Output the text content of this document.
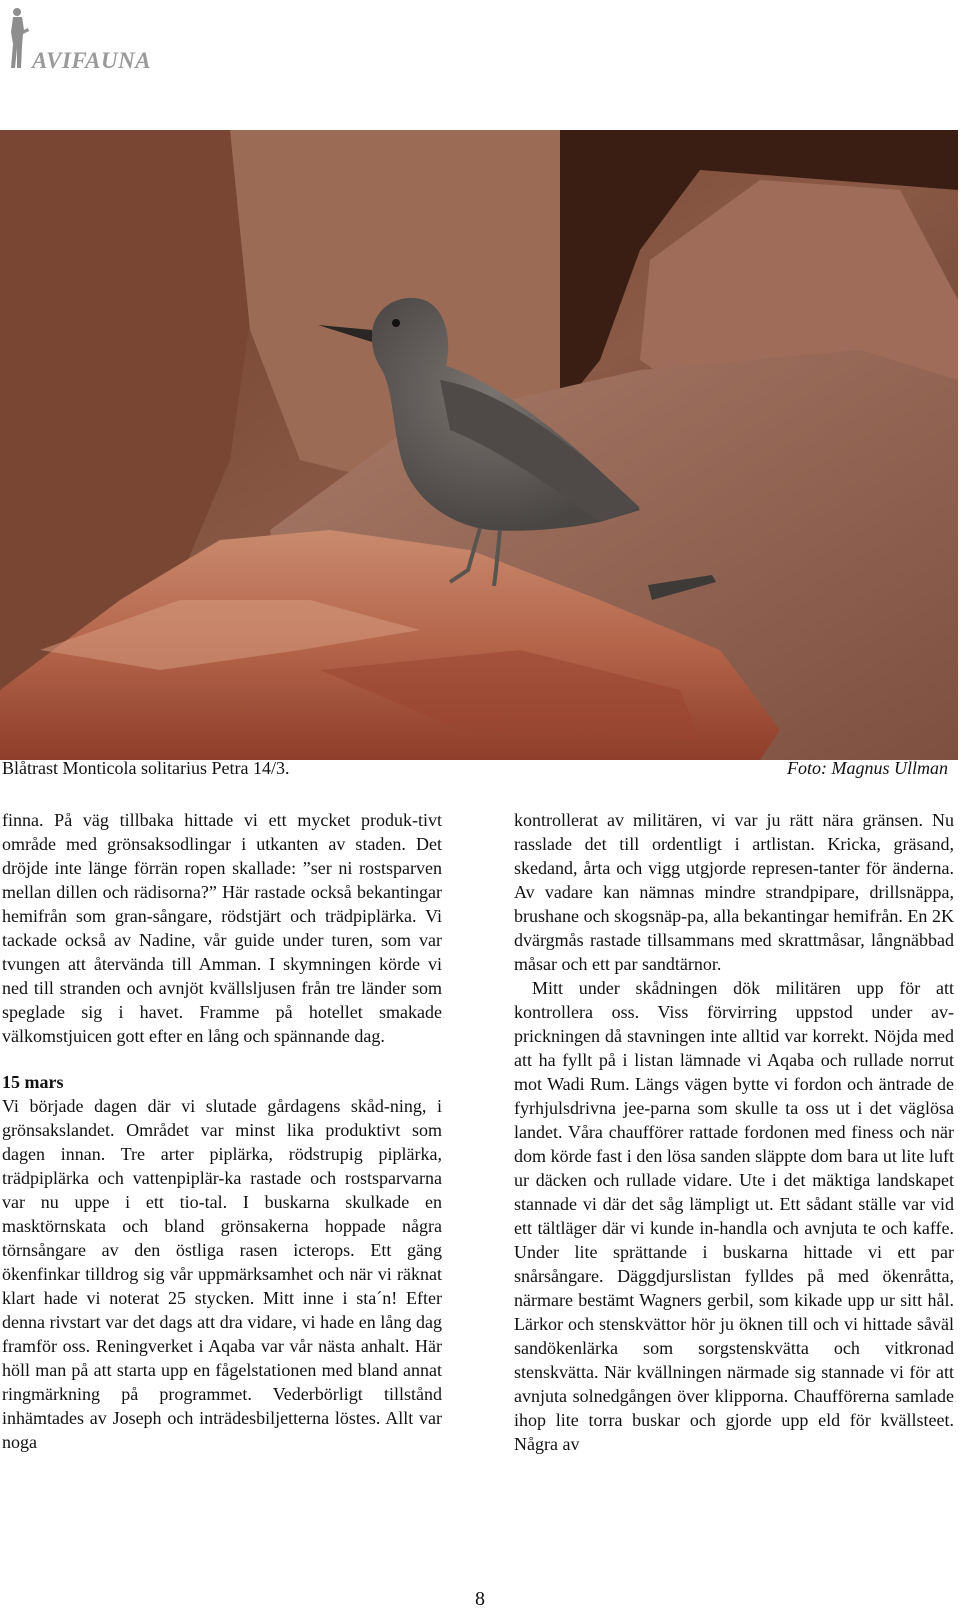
AVIFAUNA
Blåtrast Monticola solitarius Petra 14/3.	Foto: Magnus Ullman

finna. På väg tillbaka hittade vi ett mycket produk-tivt område med grönsaksodlingar i utkanten av staden. Det dröjde inte länge förrän ropen skallade: ”ser ni rostsparven mellan dillen och rädisorna?” Här rastade också bekantingar hemifrån som gran-sångare, rödstjärt och trädpiplärka. Vi tackade också av Nadine, vår guide under turen, som var tvungen att återvända till Amman. I skymningen körde vi ned till stranden och avnjöt kvällsljusen från tre länder som speglade sig i havet. Framme på hotellet smakade välkomstjuicen gott efter en lång och spännande dag.

15 mars

Vi började dagen där vi slutade gårdagens skåd-ning, i grönsakslandet. Området var minst lika produktivt som dagen innan. Tre arter piplärka, rödstrupig piplärka, trädpiplärka och vattenpiplär-ka rastade och rostsparvarna var nu uppe i ett tio-tal. I buskarna skulkade en masktörnskata och bland grönsakerna hoppade några törnsångare av den östliga rasen icterops. Ett gäng ökenfinkar tilldrog sig vår uppmärksamhet och när vi räknat klart hade vi noterat 25 stycken. Mitt inne i sta´n! Efter denna rivstart var det dags att dra vidare, vi hade en lång dag framför oss. Reningverket i Aqaba var vår nästa anhalt. Här höll man på att starta upp en fågelstationen med bland annat ringmärkning på programmet. Vederbörligt tillstånd inhämtades av Joseph och inträdesbiljetterna löstes. Allt var noga

kontrollerat av militären, vi var ju rätt nära gränsen. Nu rasslade det till ordentligt i artlistan. Kricka, gräsand, skedand, årta och vigg utgjorde represen-tanter för änderna. Av vadare kan nämnas mindre strandpipare, drillsnäppa, brushane och skogsnäp-pa, alla bekantingar hemifrån. En 2K dvärgmås rastade tillsammans med skrattmåsar, långnäbbad måsar och ett par sandtärnor.

Mitt under skådningen dök militären upp för att kontrollera oss. Viss förvirring uppstod under av-prickningen då stavningen inte alltid var korrekt. Nöjda med att ha fyllt på i listan lämnade vi Aqaba och rullade norrut mot Wadi Rum. Längs vägen bytte vi fordon och äntrade de fyrhjulsdrivna jee-parna som skulle ta oss ut i det väglösa landet. Våra chaufförer rattade fordonen med finess och när dom körde fast i den lösa sanden släppte dom bara ut lite luft ur däcken och rullade vidare. Ute i det mäktiga landskapet stannade vi där det såg lämpligt ut. Ett sådant ställe var vid ett tältläger där vi kunde in-handla och avnjuta te och kaffe. Under lite sprättande i buskarna hittade vi ett par snårsångare. Däggdjurslistan fylldes på med ökenråtta, närmare bestämt Wagners gerbil, som kikade upp ur sitt hål. Lärkor och stenskvättor hör ju öknen till och vi hittade såväl sandökenlärka som sorgstenskvätta och vitkronad stenskvätta. När kvällningen närmade sig stannade vi för att avnjuta solnedgången över klipporna. Chaufförerna samlade ihop lite torra buskar och gjorde upp eld för kvällsteet. Några av

8
